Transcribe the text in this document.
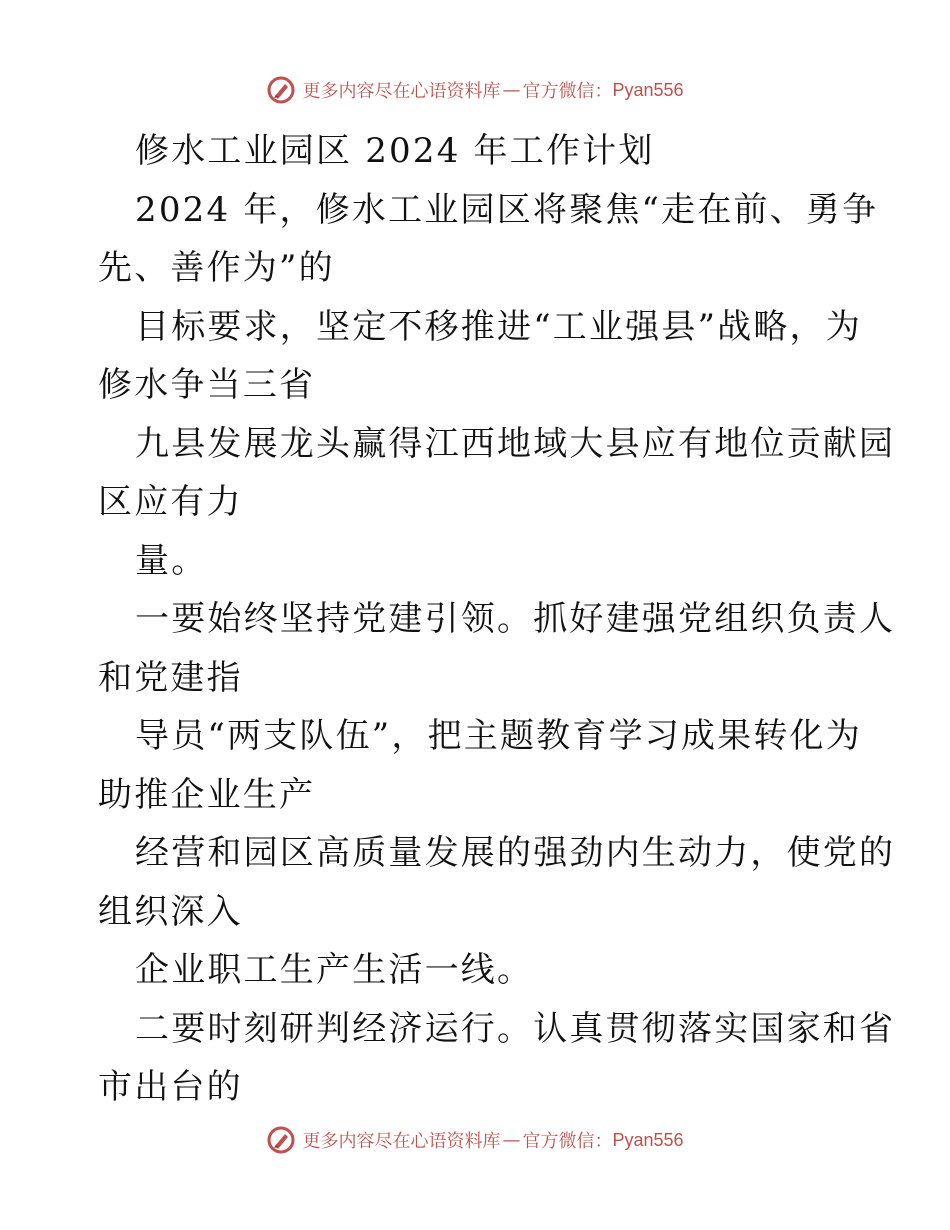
更多内容尽在心语资料库 — 官方微信： Pyan556
修水工业园区 2024 年工作计划
2024 年，修水工业园区将聚焦“走在前、勇争
先、善作为”的
目标要求，坚定不移推进“工业强县”战略，为
修水争当三省
九县发展龙头赢得江西地域大县应有地位贡献园
区应有力
量。
一要始终坚持党建引领。抓好建强党组织负责人
和党建指
导员“两支队伍”，把主题教育学习成果转化为
助推企业生产
经营和园区高质量发展的强劲内生动力，使党的
组织深入
企业职工生产生活一线。
二要时刻研判经济运行。认真贯彻落实国家和省
市出台的
更多内容尽在心语资料库 — 官方微信： Pyan556
